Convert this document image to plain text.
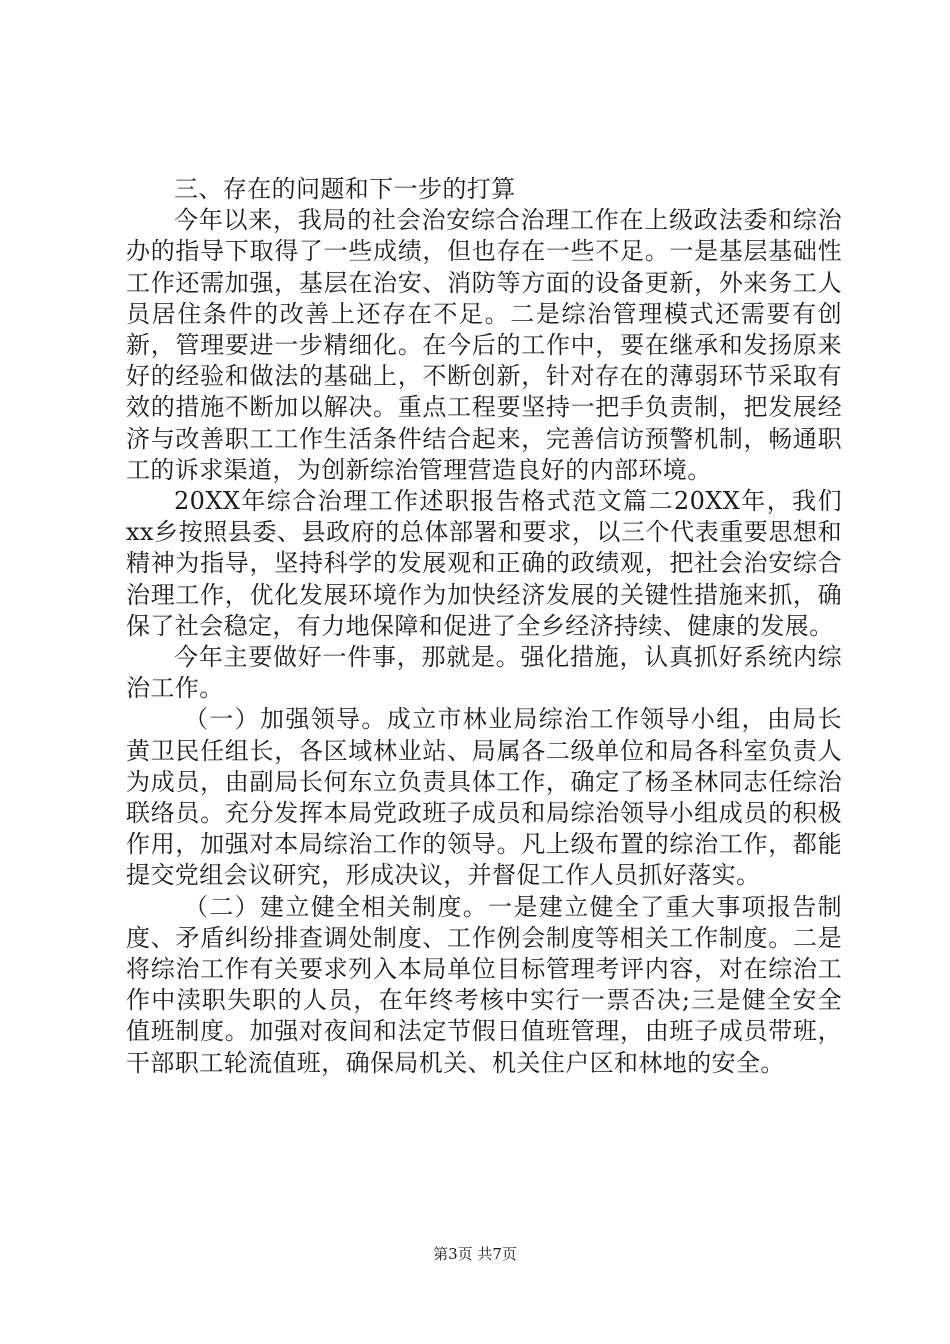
三、存在的问题和下一步的打算

今年以来，我局的社会治安综合治理工作在上级政法委和综治办的指导下取得了一些成绩，但也存在一些不足。一是基层基础性工作还需加强，基层在治安、消防等方面的设备更新，外来务工人员居住条件的改善上还存在不足。二是综治管理模式还需要有创新，管理要进一步精细化。在今后的工作中，要在继承和发扬原来好的经验和做法的基础上，不断创新，针对存在的薄弱环节采取有效的措施不断加以解决。重点工程要坚持一把手负责制，把发展经济与改善职工工作生活条件结合起来，完善信访预警机制，畅通职工的诉求渠道，为创新综治管理营造良好的内部环境。

20XX年综合治理工作述职报告格式范文篇二20XX年，我们xx乡按照县委、县政府的总体部署和要求，以三个代表重要思想和精神为指导，坚持科学的发展观和正确的政绩观，把社会治安综合治理工作，优化发展环境作为加快经济发展的关键性措施来抓，确保了社会稳定，有力地保障和促进了全乡经济持续、健康的发展。

今年主要做好一件事，那就是。强化措施，认真抓好系统内综治工作。

（一）加强领导。成立市林业局综治工作领导小组，由局长黄卫民任组长，各区域林业站、局属各二级单位和局各科室负责人为成员，由副局长何东立负责具体工作，确定了杨圣林同志任综治联络员。充分发挥本局党政班子成员和局综治领导小组成员的积极作用，加强对本局综治工作的领导。凡上级布置的综治工作，都能提交党组会议研究，形成决议，并督促工作人员抓好落实。

（二）建立健全相关制度。一是建立健全了重大事项报告制度、矛盾纠纷排查调处制度、工作例会制度等相关工作制度。二是将综治工作有关要求列入本局单位目标管理考评内容，对在综治工作中渎职失职的人员，在年终考核中实行一票否决;三是健全安全值班制度。加强对夜间和法定节假日值班管理，由班子成员带班，干部职工轮流值班，确保局机关、机关住户区和林地的安全。

第3页 共7页
